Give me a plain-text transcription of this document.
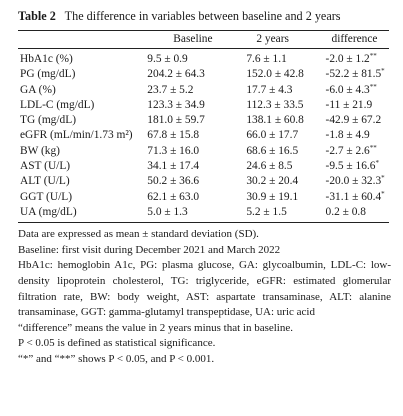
Table 2 The difference in variables between baseline and 2 years
	Baseline	2 years	difference
HbA1c (%)	9.5 ± 0.9	7.6 ± 1.1	-2.0 ± 1.2**
PG (mg/dL)	204.2 ± 64.3	152.0 ± 42.8	-52.2 ± 81.5*
GA (%)	23.7 ± 5.2	17.7 ± 4.3	-6.0 ± 4.3**
LDL-C (mg/dL)	123.3 ± 34.9	112.3 ± 33.5	-11 ± 21.9
TG (mg/dL)	181.0 ± 59.7	138.1 ± 60.8	-42.9 ± 67.2
eGFR (mL/min/1.73 m²)	67.8 ± 15.8	66.0 ± 17.7	-1.8 ± 4.9
BW (kg)	71.3 ± 16.0	68.6 ± 16.5	-2.7 ± 2.6**
AST (U/L)	34.1 ± 17.4	24.6 ± 8.5	-9.5 ± 16.6*
ALT (U/L)	50.2 ± 36.6	30.2 ± 20.4	-20.0 ± 32.3*
GGT (U/L)	62.1 ± 63.0	30.9 ± 19.1	-31.1 ± 60.4*
UA (mg/dL)	5.0 ± 1.3	5.2 ± 1.5	0.2 ± 0.8

Data are expressed as mean ± standard deviation (SD).

Baseline: first visit during December 2021 and March 2022

HbA1c: hemoglobin A1c, PG: plasma glucose, GA: glycoalbumin, LDL-C: low-density lipoprotein cholesterol, TG: triglyceride, eGFR: estimated glomerular filtration rate, BW: body weight, AST: aspartate transaminase, ALT: alanine transaminase, GGT: gamma-glutamyl transpeptidase, UA: uric acid

“difference” means the value in 2 years minus that in baseline.

P < 0.05 is defined as statistical significance.

“*” and “**” shows P < 0.05, and P < 0.001.
